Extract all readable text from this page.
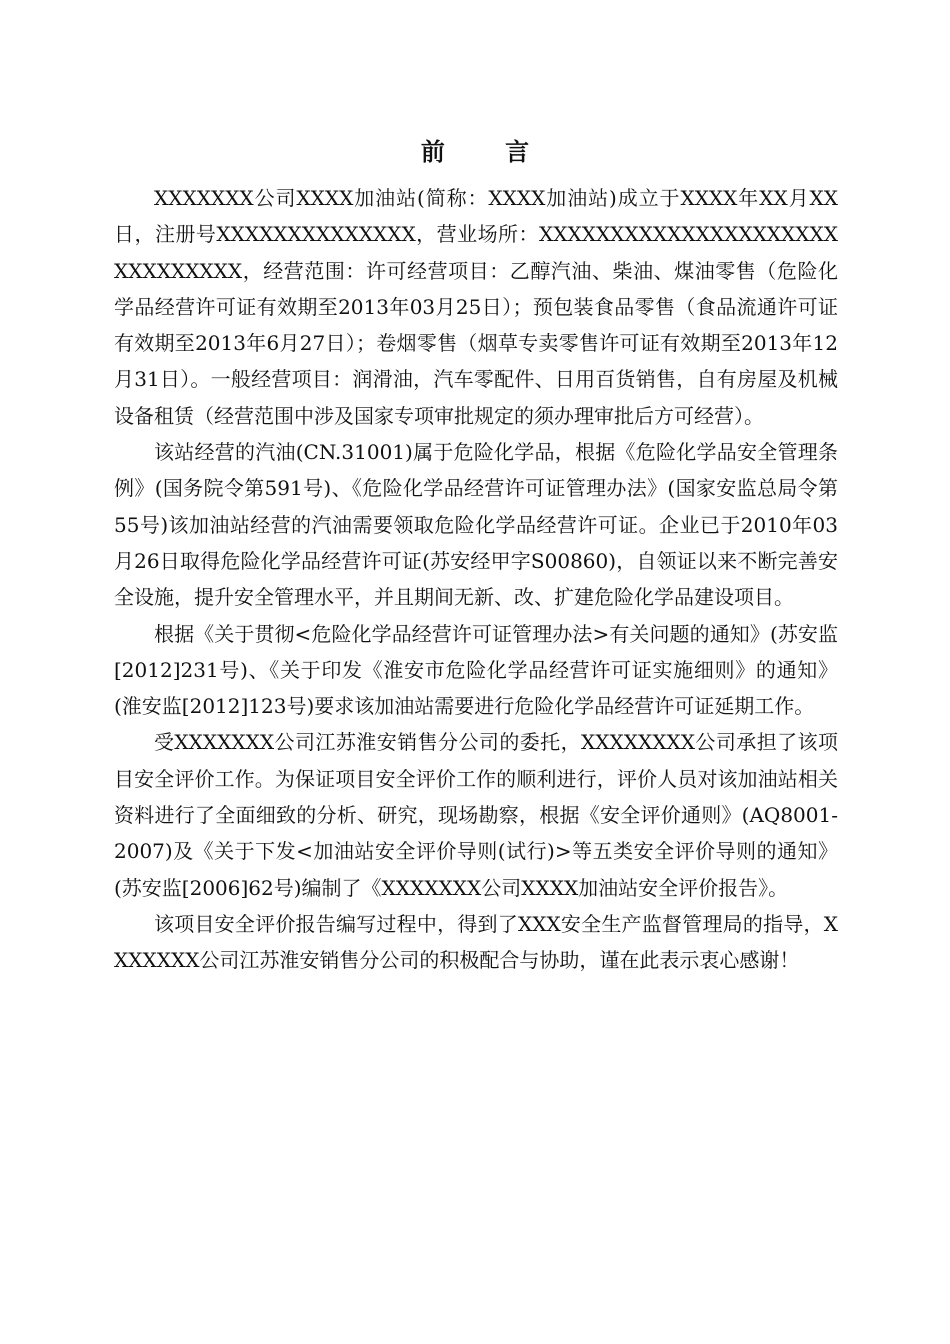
前 言

XXXXXXX公司XXXX加油站(简称：XXXX加油站)成立于XXXX年XX月XX日，注册号XXXXXXXXXXXXXX，营业场所：XXXXXXXXXXXXXXXXXXXXXXXXXXXXXX，经营范围：许可经营项目：乙醇汽油、柴油、煤油零售（危险化学品经营许可证有效期至2013年03月25日）；预包装食品零售（食品流通许可证有效期至2013年6月27日）；卷烟零售（烟草专卖零售许可证有效期至2013年12月31日）。一般经营项目：润滑油，汽车零配件、日用百货销售，自有房屋及机械设备租赁（经营范围中涉及国家专项审批规定的须办理审批后方可经营）。

该站经营的汽油(CN.31001)属于危险化学品，根据《危险化学品安全管理条例》(国务院令第591号)、《危险化学品经营许可证管理办法》(国家安监总局令第55号)该加油站经营的汽油需要领取危险化学品经营许可证。企业已于2010年03月26日取得危险化学品经营许可证(苏安经甲字S00860)，自领证以来不断完善安全设施，提升安全管理水平，并且期间无新、改、扩建危险化学品建设项目。

根据《关于贯彻<危险化学品经营许可证管理办法>有关问题的通知》(苏安监[2012]231号)、《关于印发《淮安市危险化学品经营许可证实施细则》的通知》(淮安监[2012]123号)要求该加油站需要进行危险化学品经营许可证延期工作。

受XXXXXXX公司江苏淮安销售分公司的委托，XXXXXXXX公司承担了该项目安全评价工作。为保证项目安全评价工作的顺利进行，评价人员对该加油站相关资料进行了全面细致的分析、研究，现场勘察，根据《安全评价通则》(AQ8001-2007)及《关于下发<加油站安全评价导则(试行)>等五类安全评价导则的通知》(苏安监[2006]62号)编制了《XXXXXXX公司XXXX加油站安全评价报告》。

该项目安全评价报告编写过程中，得到了XXX安全生产监督管理局的指导，XXXXXXX公司江苏淮安销售分公司的积极配合与协助，谨在此表示衷心感谢！
